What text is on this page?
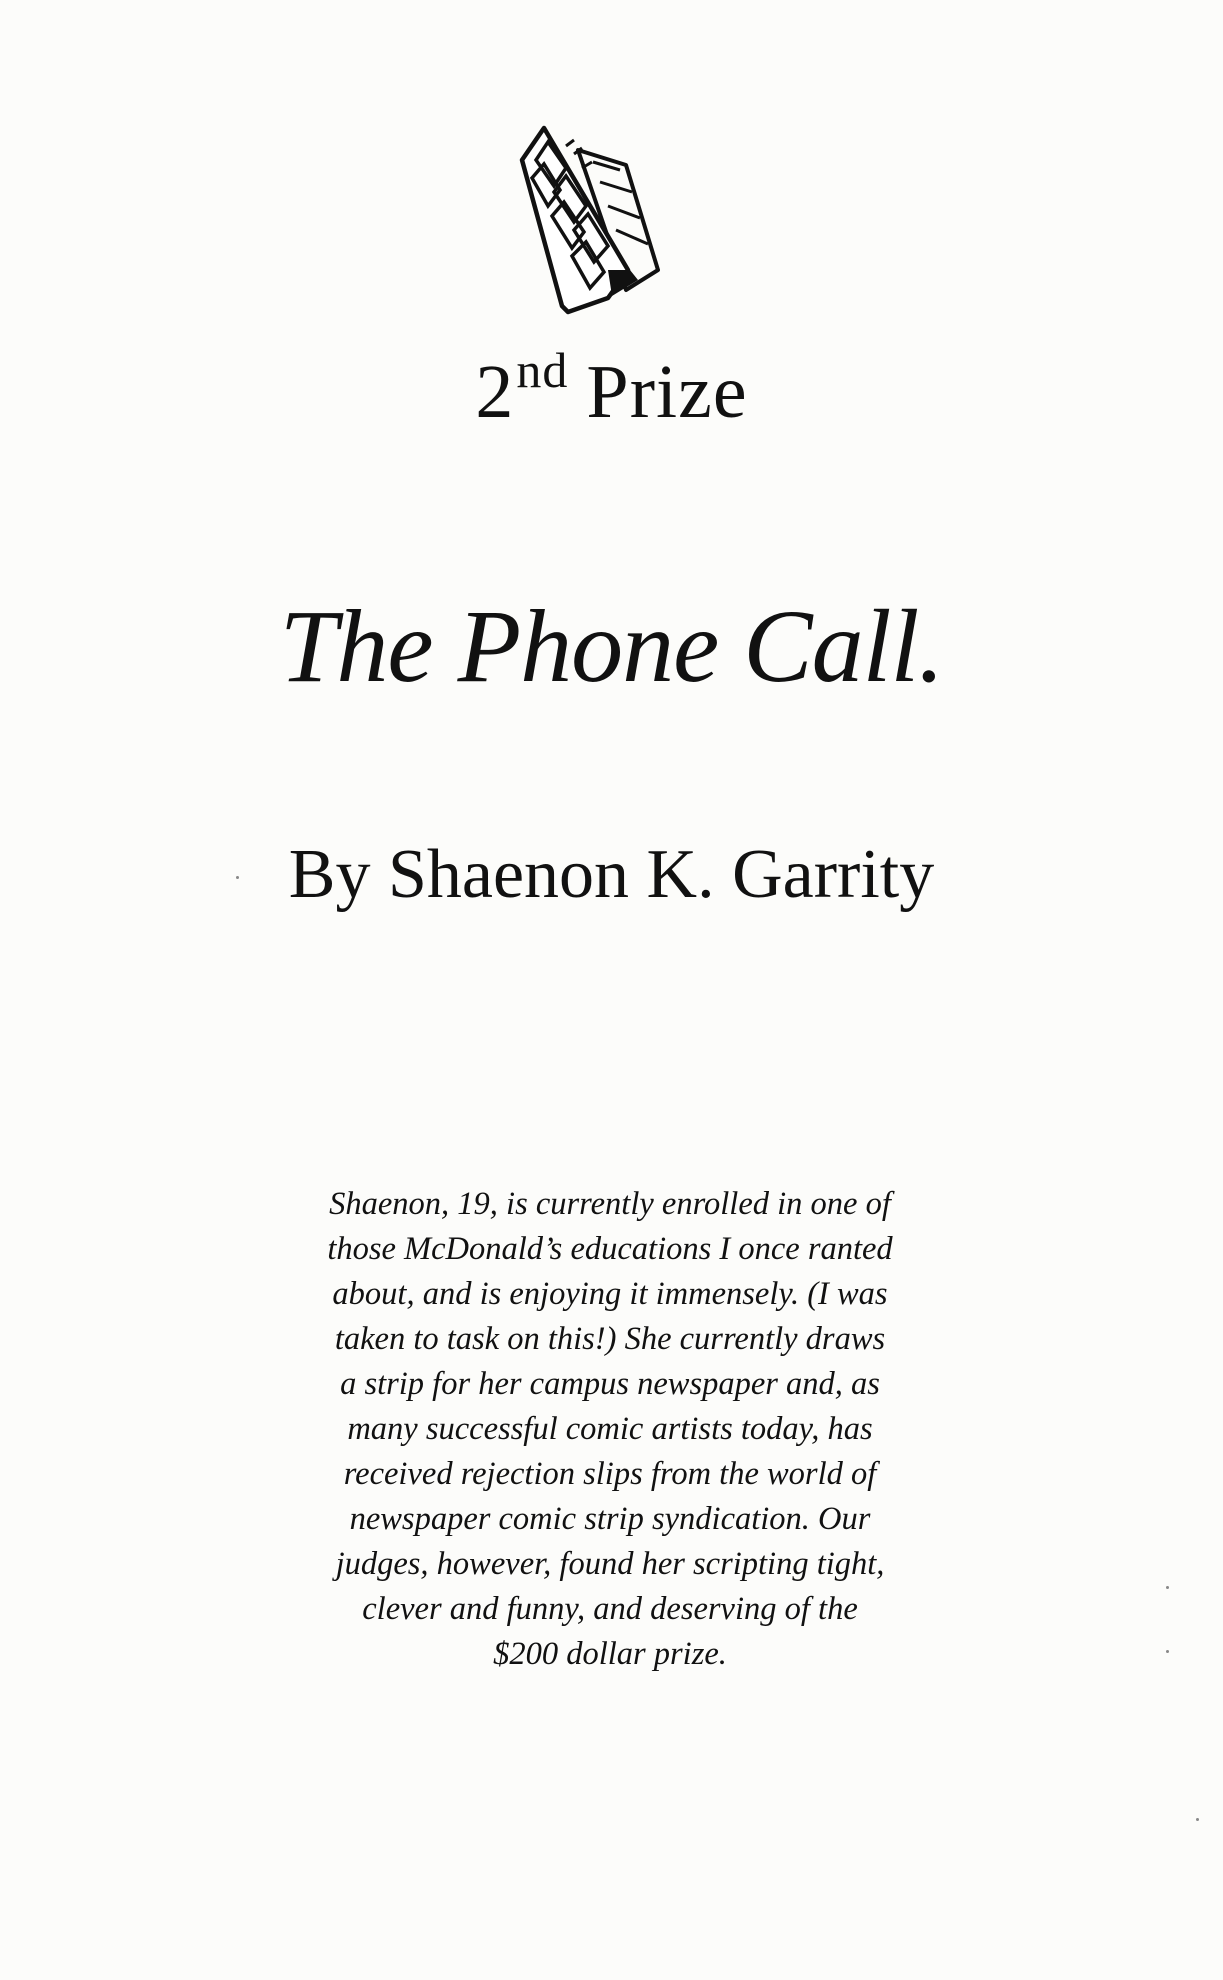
2nd Prize
The Phone Call.
By Shaenon K. Garrity
Shaenon, 19, is currently enrolled in one of
those McDonald’s educations I once ranted
about, and is enjoying it immensely. (I was
taken to task on this!) She currently draws
a strip for her campus newspaper and, as
many successful comic artists today, has
received rejection slips from the world of
newspaper comic strip syndication. Our
judges, however, found her scripting tight,
clever and funny, and deserving of the
$200 dollar prize.
